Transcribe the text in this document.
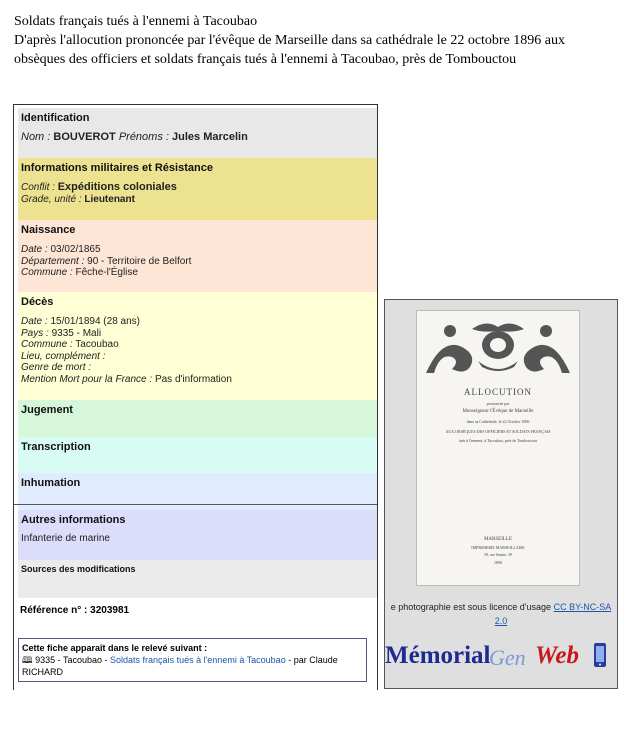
Soldats français tués à l'ennemi à Tacoubao
D'après l'allocution prononcée par l'évêque de Marseille dans sa cathédrale le 22 octobre 1896 aux obsèques des officiers et soldats français tués à l'ennemi à Tacoubao, près de Tombouctou
Identification
Nom : BOUVEROT Prénoms : Jules Marcelin
Informations militaires et Résistance
Conflit : Expéditions coloniales
Grade, unité : Lieutenant
Naissance
Date : 03/02/1865
Département : 90 - Territoire de Belfort
Commune : Fêche-l'Église
Décès
Date : 15/01/1894 (28 ans)
Pays : 9335 - Mali
Commune : Tacoubao
Lieu, complément :
Genre de mort :
Mention Mort pour la France : Pas d'information
Jugement
Transcription
Inhumation
Autres informations
Infanterie de marine
Sources des modifications
Référence n° : 3203981
Cette fiche apparaît dans le relevé suivant :
🕮 9335 - Tacoubao - Soldats français tués à l'ennemi à Tacoubao - par Claude RICHARD
ALLOCUTION
prononcée par
Monseigneur l'Évêque de Marseille
dans sa Cathédrale, le 22 Octobre 1896
AUX OBSÈQUES DES OFFICIERS ET SOLDATS FRANÇAIS
tués à l'ennemi, à Tacoubao, près de Tombouctou
MARSEILLE
IMPRIMERIE MARSEILLAISE
39, rue Sainte, 39
1896
e photographie est sous licence d'usage CC BY-NC-SA 2.0
Mémorial
Gen Web
